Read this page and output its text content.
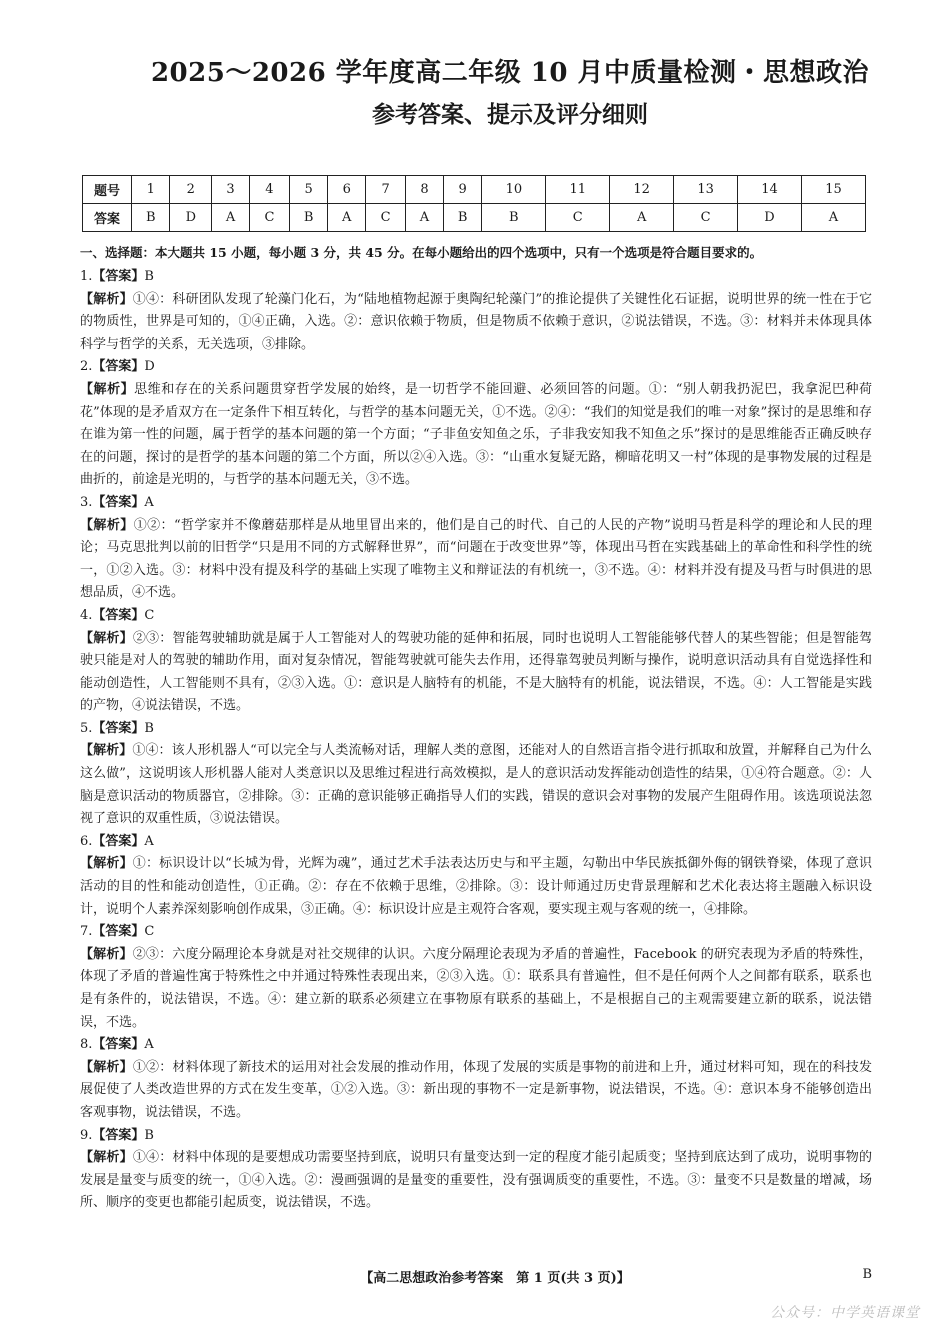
2025～2026 学年度高二年级 10 月中质量检测・思想政治
参考答案、提示及评分细则
题号	1	2	3	4	5	6	7	8	9	10	11	12	13	14	15
答案	B	D	A	C	B	A	C	A	B	B	C	A	C	D	A
一、选择题：本大题共 15 小题，每小题 3 分，共 45 分。在每小题给出的四个选项中，只有一个选项是符合题目要求的。
1.【答案】B
【解析】①④：科研团队发现了轮藻门化石，为“陆地植物起源于奥陶纪轮藻门”的推论提供了关键性化石证据，说明世界的统一性在于它的物质性，世界是可知的，①④正确，入选。②：意识依赖于物质，但是物质不依赖于意识，②说法错误，不选。③：材料并未体现具体科学与哲学的关系，无关选项，③排除。
2.【答案】D
【解析】思维和存在的关系问题贯穿哲学发展的始终，是一切哲学不能回避、必须回答的问题。①：“别人朝我扔泥巴，我拿泥巴种荷花”体现的是矛盾双方在一定条件下相互转化，与哲学的基本问题无关，①不选。②④：“我们的知觉是我们的唯一对象”探讨的是思维和存在谁为第一性的问题，属于哲学的基本问题的第一个方面；“子非鱼安知鱼之乐，子非我安知我不知鱼之乐”探讨的是思维能否正确反映存在的问题，探讨的是哲学的基本问题的第二个方面，所以②④入选。③：“山重水复疑无路，柳暗花明又一村”体现的是事物发展的过程是曲折的，前途是光明的，与哲学的基本问题无关，③不选。
3.【答案】A
【解析】①②：“哲学家并不像蘑菇那样是从地里冒出来的，他们是自己的时代、自己的人民的产物”说明马哲是科学的理论和人民的理论；马克思批判以前的旧哲学“只是用不同的方式解释世界”，而“问题在于改变世界”等，体现出马哲在实践基础上的革命性和科学性的统一，①②入选。③：材料中没有提及科学的基础上实现了唯物主义和辩证法的有机统一，③不选。④：材料并没有提及马哲与时俱进的思想品质，④不选。
4.【答案】C
【解析】②③：智能驾驶辅助就是属于人工智能对人的驾驶功能的延伸和拓展，同时也说明人工智能能够代替人的某些智能；但是智能驾驶只能是对人的驾驶的辅助作用，面对复杂情况，智能驾驶就可能失去作用，还得靠驾驶员判断与操作，说明意识活动具有自觉选择性和能动创造性，人工智能则不具有，②③入选。①：意识是人脑特有的机能，不是大脑特有的机能，说法错误，不选。④：人工智能是实践的产物，④说法错误，不选。
5.【答案】B
【解析】①④：该人形机器人“可以完全与人类流畅对话，理解人类的意图，还能对人的自然语言指令进行抓取和放置，并解释自己为什么这么做”，这说明该人形机器人能对人类意识以及思维过程进行高效模拟，是人的意识活动发挥能动创造性的结果，①④符合题意。②：人脑是意识活动的物质器官，②排除。③：正确的意识能够正确指导人们的实践，错误的意识会对事物的发展产生阻碍作用。该选项说法忽视了意识的双重性质，③说法错误。
6.【答案】A
【解析】①：标识设计以“长城为骨，光辉为魂”，通过艺术手法表达历史与和平主题，勾勒出中华民族抵御外侮的钢铁脊梁，体现了意识活动的目的性和能动创造性，①正确。②：存在不依赖于思维，②排除。③：设计师通过历史背景理解和艺术化表达将主题融入标识设计，说明个人素养深刻影响创作成果，③正确。④：标识设计应是主观符合客观，要实现主观与客观的统一，④排除。
7.【答案】C
【解析】②③：六度分隔理论本身就是对社交规律的认识。六度分隔理论表现为矛盾的普遍性，Facebook 的研究表现为矛盾的特殊性，体现了矛盾的普遍性寓于特殊性之中并通过特殊性表现出来，②③入选。①：联系具有普遍性，但不是任何两个人之间都有联系，联系也是有条件的，说法错误，不选。④：建立新的联系必须建立在事物原有联系的基础上，不是根据自己的主观需要建立新的联系，说法错误，不选。
8.【答案】A
【解析】①②：材料体现了新技术的运用对社会发展的推动作用，体现了发展的实质是事物的前进和上升，通过材料可知，现在的科技发展促使了人类改造世界的方式在发生变革，①②入选。③：新出现的事物不一定是新事物，说法错误，不选。④：意识本身不能够创造出客观事物，说法错误，不选。
9.【答案】B
【解析】①④：材料中体现的是要想成功需要坚持到底，说明只有量变达到一定的程度才能引起质变；坚持到底达到了成功，说明事物的发展是量变与质变的统一，①④入选。②：漫画强调的是量变的重要性，没有强调质变的重要性，不选。③：量变不只是数量的增减，场所、顺序的变更也都能引起质变，说法错误，不选。
【高二思想政治参考答案　第 1 页(共 3 页)】	B
公众号：中学英语课堂
